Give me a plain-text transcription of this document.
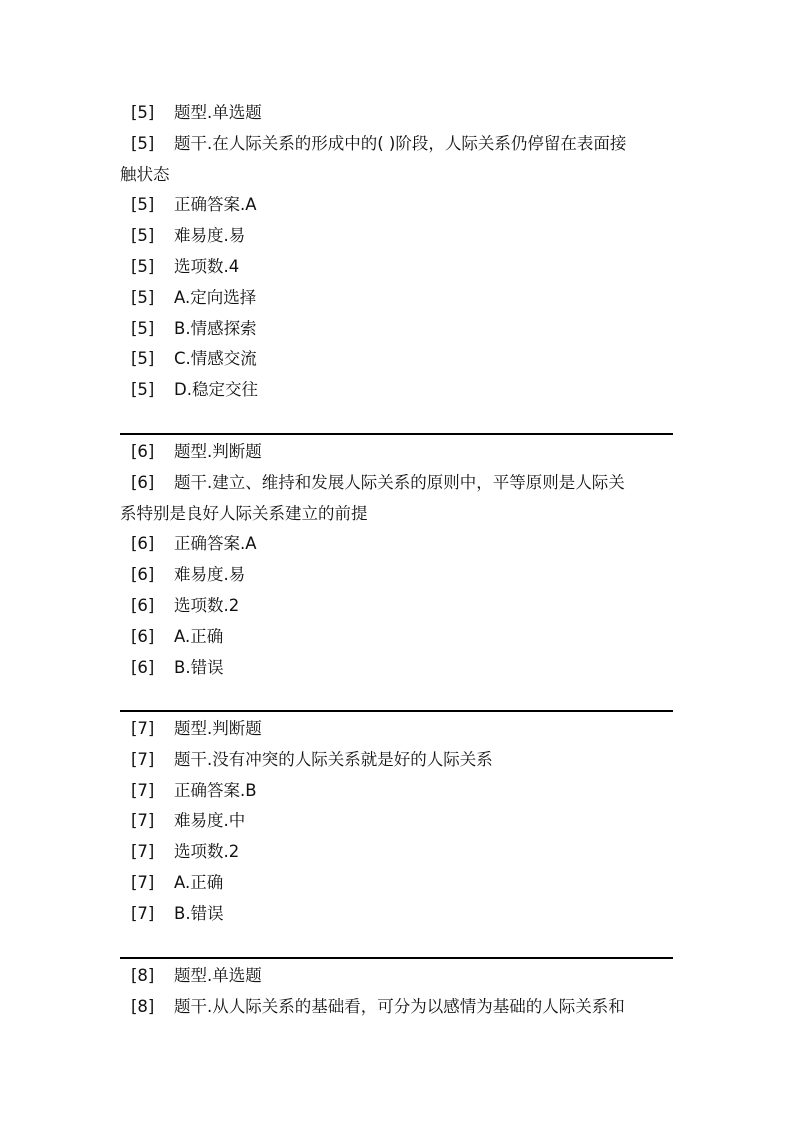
[5] 题型.单选题
[5] 题干.在人际关系的形成中的( )阶段，人际关系仍停留在表面接
触状态
[5] 正确答案.A
[5] 难易度.易
[5] 选项数.4
[5] A.定向选择
[5] B.情感探索
[5] C.情感交流
[5] D.稳定交往
[6] 题型.判断题
[6] 题干.建立、维持和发展人际关系的原则中，平等原则是人际关
系特别是良好人际关系建立的前提
[6] 正确答案.A
[6] 难易度.易
[6] 选项数.2
[6] A.正确
[6] B.错误
[7] 题型.判断题
[7] 题干.没有冲突的人际关系就是好的人际关系
[7] 正确答案.B
[7] 难易度.中
[7] 选项数.2
[7] A.正确
[7] B.错误
[8] 题型.单选题
[8] 题干.从人际关系的基础看，可分为以感情为基础的人际关系和
